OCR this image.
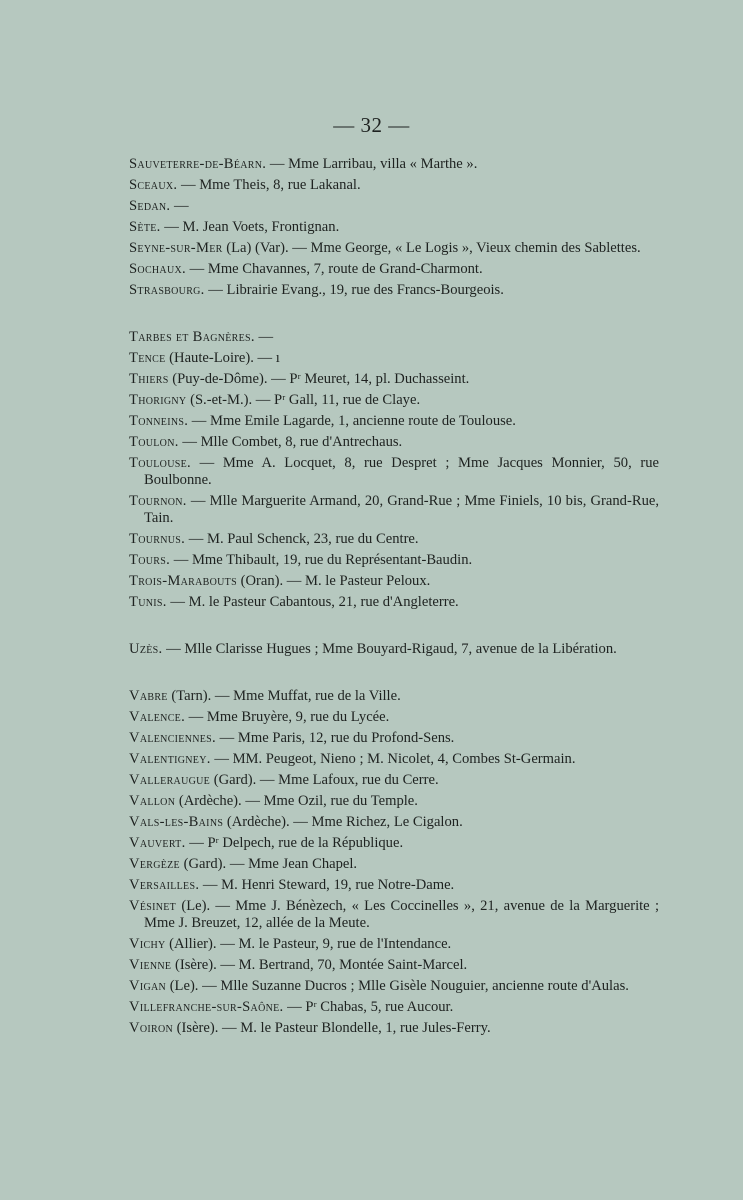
— 32 —
Sauveterre-de-Béarn. — Mme Larribau, villa « Marthe ».
Sceaux. — Mme Theis, 8, rue Lakanal.
Sedan. —
Sète. — M. Jean Voets, Frontignan.
Seyne-sur-Mer (La) (Var). — Mme George, « Le Logis », Vieux chemin des Sablettes.
Sochaux. — Mme Chavannes, 7, route de Grand-Charmont.
Strasbourg. — Librairie Evang., 19, rue des Francs-Bourgeois.
Tarbes et Bagnères. —
Tence (Haute-Loire). — ı
Thiers (Puy-de-Dôme). — Pʳ Meuret, 14, pl. Duchasseint.
Thorigny (S.-et-M.). — Pʳ Gall, 11, rue de Claye.
Tonneins. — Mme Emile Lagarde, 1, ancienne route de Toulouse.
Toulon. — Mlle Combet, 8, rue d'Antrechaus.
Toulouse. — Mme A. Locquet, 8, rue Despret ; Mme Jacques Monnier, 50, rue Boulbonne.
Tournon. — Mlle Marguerite Armand, 20, Grand-Rue ; Mme Finiels, 10 bis, Grand-Rue, Tain.
Tournus. — M. Paul Schenck, 23, rue du Centre.
Tours. — Mme Thibault, 19, rue du Représentant-Baudin.
Trois-Marabouts (Oran). — M. le Pasteur Peloux.
Tunis. — M. le Pasteur Cabantous, 21, rue d'Angleterre.
Uzès. — Mlle Clarisse Hugues ; Mme Bouyard-Rigaud, 7, avenue de la Libération.
Vabre (Tarn). — Mme Muffat, rue de la Ville.
Valence. — Mme Bruyère, 9, rue du Lycée.
Valenciennes. — Mme Paris, 12, rue du Profond-Sens.
Valentigney. — MM. Peugeot, Nieno ; M. Nicolet, 4, Combes St-Germain.
Valleraugue (Gard). — Mme Lafoux, rue du Cerre.
Vallon (Ardèche). — Mme Ozil, rue du Temple.
Vals-les-Bains (Ardèche). — Mme Richez, Le Cigalon.
Vauvert. — Pʳ Delpech, rue de la République.
Vergèze (Gard). — Mme Jean Chapel.
Versailles. — M. Henri Steward, 19, rue Notre-Dame.
Vésinet (Le). — Mme J. Bénèzech, « Les Coccinelles », 21, avenue de la Marguerite ; Mme J. Breuzet, 12, allée de la Meute.
Vichy (Allier). — M. le Pasteur, 9, rue de l'Intendance.
Vienne (Isère). — M. Bertrand, 70, Montée Saint-Marcel.
Vigan (Le). — Mlle Suzanne Ducros ; Mlle Gisèle Nouguier, ancienne route d'Aulas.
Villefranche-sur-Saône. — Pʳ Chabas, 5, rue Aucour.
Voiron (Isère). — M. le Pasteur Blondelle, 1, rue Jules-Ferry.
